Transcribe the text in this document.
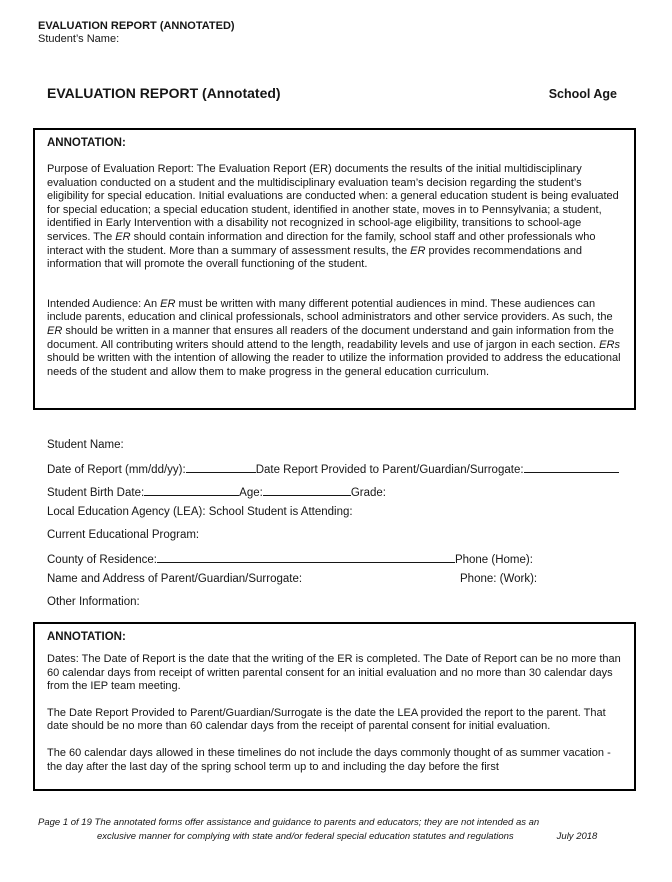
EVALUATION REPORT (ANNOTATED)
Student’s Name:
EVALUATION REPORT (Annotated)	School Age
ANNOTATION:

Purpose of Evaluation Report: The Evaluation Report (ER) documents the results of the initial multidisciplinary evaluation conducted on a student and the multidisciplinary evaluation team’s decision regarding the student’s eligibility for special education. Initial evaluations are conducted when: a general education student is being evaluated for special education; a special education student, identified in another state, moves in to Pennsylvania; a student, identified in Early Intervention with a disability not recognized in school-age eligibility, transitions to school-age services. The ER should contain information and direction for the family, school staff and other professionals who interact with the student. More than a summary of assessment results, the ER provides recommendations and information that will promote the overall functioning of the student.

Intended Audience: An ER must be written with many different potential audiences in mind. These audiences can include parents, education and clinical professionals, school administrators and other service providers. As such, the ER should be written in a manner that ensures all readers of the document understand and gain information from the document. All contributing writers should attend to the length, readability levels and use of jargon in each section. ERs should be written with the intention of allowing the reader to utilize the information provided to address the educational needs of the student and allow them to make progress in the general education curriculum.

Student Name:
Date of Report (mm/dd/yy):	Date Report Provided to Parent/Guardian/Surrogate:
Student Birth Date:	Age:	Grade:
Local Education Agency (LEA): School Student is Attending:
Current Educational Program:
County of Residence:	Phone (Home):
Name and Address of Parent/Guardian/Surrogate:	Phone: (Work):
Other Information:
ANNOTATION:

Dates: The Date of Report is the date that the writing of the ER is completed. The Date of Report can be no more than 60 calendar days from receipt of written parental consent for an initial evaluation and no more than 30 calendar days from the IEP team meeting.

The Date Report Provided to Parent/Guardian/Surrogate is the date the LEA provided the report to the parent. That date should be no more than 60 calendar days from the receipt of parental consent for initial evaluation.

The 60 calendar days allowed in these timelines do not include the days commonly thought of as summer vacation - the day after the last day of the spring school term up to and including the day before the first

Page 1 of 19 The annotated forms offer assistance and guidance to parents and educators; they are not intended as an
exclusive manner for complying with state and/or federal special education statutes and regulations	July 2018
